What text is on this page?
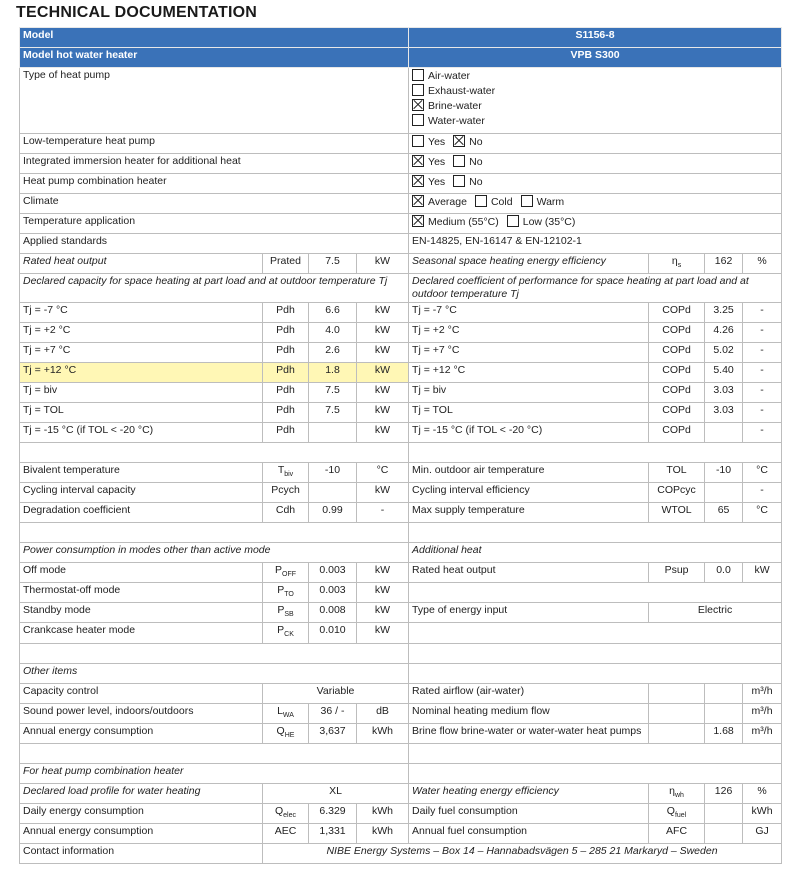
TECHNICAL DOCUMENTATION
Model				S1156-8			
Model hot water heater				VPB S300			
Type of heat pump				Air-water
Exhaust-water
Brine-water
Water-water			

Low-temperature heat pump				Yes No			
Integrated immersion heater for additional heat				Yes No			
Heat pump combination heater				Yes No			
Climate				Average Cold Warm			
Temperature application				Medium (55°C) Low (35°C)			
Applied standards				EN-14825, EN-16147 & EN-12102-1			
Rated heat output	Prated	7.5	kW	Seasonal space heating energy efficiency	$\eta_s$	162	%
Declared capacity for space heating at part load and at outdoor temperature Tj				Declared coefficient of performance for space heating at part load and at outdoor temperature Tj			
Tj = -7 °C	Pdh	6.6	kW	Tj = -7 °C	COPd	3.25	-
Tj = +2 °C	Pdh	4.0	kW	Tj = +2 °C	COPd	4.26	-
Tj = +7 °C	Pdh	2.6	kW	Tj = +7 °C	COPd	5.02	-
Tj = +12 °C	Pdh	1.8	kW	Tj = +12 °C	COPd	5.40	-
Tj = biv	Pdh	7.5	kW	Tj = biv	COPd	3.03	-
Tj = TOL	Pdh	7.5	kW	Tj = TOL	COPd	3.03	-
Tj = -15 °C (if TOL < -20 °C)	Pdh		kW	Tj = -15 °C (if TOL < -20 °C)	COPd		-

Bivalent temperature	$T_{biv}$	-10	°C	Min. outdoor air temperature	TOL	-10	°C
Cycling interval capacity	Pcych		kW	Cycling interval efficiency	COPcyc		-
Degradation coefficient	Cdh	0.99	-	Max supply temperature	WTOL	65	°C

Power consumption in modes other than active mode				Additional heat			
Off mode	$P_{OFF}$	0.003	kW	Rated heat output	Psup	0.0	kW
Thermostat-off mode	$P_{TO}$	0.003	kW				
Standby mode	$P_{SB}$	0.008	kW	Type of energy input	Electric		
Crankcase heater mode	$P_{CK}$	0.010	kW				

Other items							
Capacity control	Variable			Rated airflow (air-water)			m³/h
Sound power level, indoors/outdoors	$L_{WA}$	36 / -	dB	Nominal heating medium flow			m³/h
Annual energy consumption	$Q_{HE}$	3,637	kWh	Brine flow brine-water or water-water heat pumps		1.68	m³/h

For heat pump combination heater							
Declared load profile for water heating	XL			Water heating energy efficiency	$\eta_{wh}$	126	%
Daily energy consumption	$Q_{elec}$	6.329	kWh	Daily fuel consumption	$Q_{fuel}$		kWh
Annual energy consumption	AEC	1,331	kWh	Annual fuel consumption	AFC		GJ
Contact information	NIBE Energy Systems – Box 14 – Hannabadsvägen 5 – 285 21 Markaryd – Sweden						
